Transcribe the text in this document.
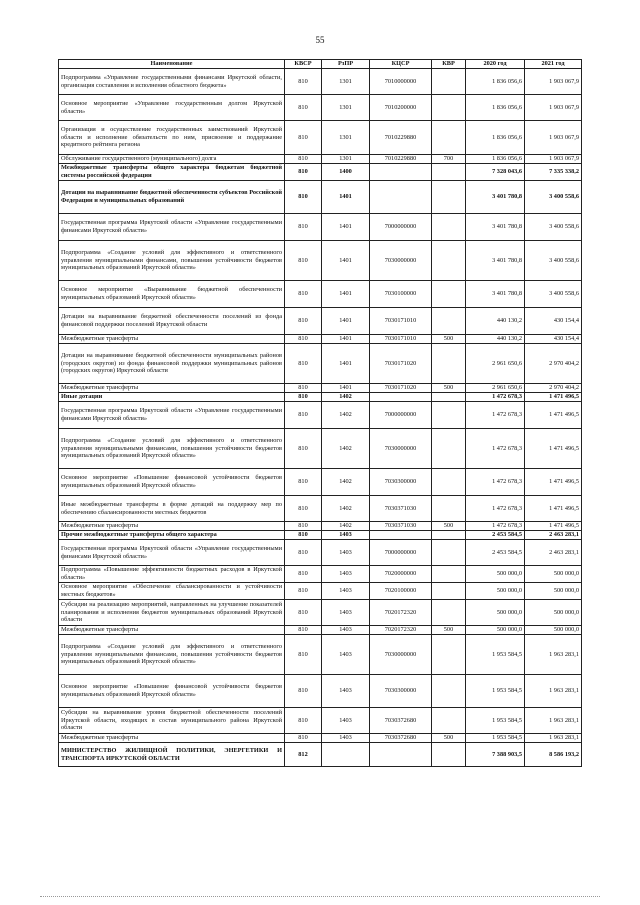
55
Наименование	КВСР	РзПР	КЦСР	КВР	2020 год	2021 год
Подпрограмма «Управление государственными финансами Иркутской области, организация составления и исполнения областного бюджета»	810	1301	7010000000		1 836 056,6	1 903 067,9
Основное мероприятие «Управление государственным долгом Иркутской области»	810	1301	7010200000		1 836 056,6	1 903 067,9
Организация и осуществление государственных заимствований Иркутской области и исполнение обязательств по ним, присвоение и поддержание кредитного рейтинга региона	810	1301	7010229880		1 836 056,6	1 903 067,9
Обслуживание государственного (муниципального) долга	810	1301	7010229880	700	1 836 056,6	1 903 067,9
Межбюджетные трансферты общего характера бюджетам бюджетной системы российской федерации	810	1400			7 328 043,6	7 335 338,2
Дотации на выравнивание бюджетной обеспеченности субъектов Российской Федерации и муниципальных образований	810	1401			3 401 780,8	3 400 558,6
Государственная программа Иркутской области «Управление государственными финансами Иркутской области»	810	1401	7000000000		3 401 780,8	3 400 558,6
Подпрограмма «Создание условий для эффективного и ответственного управления муниципальными финансами, повышения устойчивости бюджетов муниципальных образований Иркутской области»	810	1401	7030000000		3 401 780,8	3 400 558,6
Основное мероприятие «Выравнивание бюджетной обеспеченности муниципальных образований Иркутской области»	810	1401	7030100000		3 401 780,8	3 400 558,6
Дотации на выравнивание бюджетной обеспеченности поселений из фонда финансовой поддержки поселений Иркутской области	810	1401	7030171010		440 130,2	430 154,4
Межбюджетные трансферты	810	1401	7030171010	500	440 130,2	430 154,4
Дотации на выравнивание бюджетной обеспеченности муниципальных районов (городских округов) из фонда финансовой поддержки муниципальных районов (городских округов) Иркутской области	810	1401	7030171020		2 961 650,6	2 970 404,2
Межбюджетные трансферты	810	1401	7030171020	500	2 961 650,6	2 970 404,2
Иные дотации	810	1402			1 472 678,3	1 471 496,5
Государственная программа Иркутской области «Управление государственными финансами Иркутской области»	810	1402	7000000000		1 472 678,3	1 471 496,5
Подпрограмма «Создание условий для эффективного и ответственного управления муниципальными финансами, повышения устойчивости бюджетов муниципальных образований Иркутской области»	810	1402	7030000000		1 472 678,3	1 471 496,5
Основное мероприятие «Повышение финансовой устойчивости бюджетов муниципальных образований Иркутской области»	810	1402	7030300000		1 472 678,3	1 471 496,5
Иные межбюджетные трансферты в форме дотаций на поддержку мер по обеспечению сбалансированности местных бюджетов	810	1402	7030371030		1 472 678,3	1 471 496,5
Межбюджетные трансферты	810	1402	7030371030	500	1 472 678,3	1 471 496,5
Прочие межбюджетные трансферты общего характера	810	1403			2 453 584,5	2 463 283,1
Государственная программа Иркутской области «Управление государственными финансами Иркутской области»	810	1403	7000000000		2 453 584,5	2 463 283,1
Подпрограмма «Повышение эффективности бюджетных расходов в Иркутской области»	810	1403	7020000000		500 000,0	500 000,0
Основное мероприятие «Обеспечение сбалансированности и устойчивости местных бюджетов»	810	1403	7020100000		500 000,0	500 000,0
Субсидии на реализацию мероприятий, направленных на улучшение показателей планирования и исполнения бюджетов муниципальных образований Иркутской области	810	1403	7020172320		500 000,0	500 000,0
Межбюджетные трансферты	810	1403	7020172320	500	500 000,0	500 000,0
Подпрограмма «Создание условий для эффективного и ответственного управления муниципальными финансами, повышения устойчивости бюджетов муниципальных образований Иркутской области»	810	1403	7030000000		1 953 584,5	1 963 283,1
Основное мероприятие «Повышение финансовой устойчивости бюджетов муниципальных образований Иркутской области»	810	1403	7030300000		1 953 584,5	1 963 283,1
Субсидии на выравнивание уровня бюджетной обеспеченности поселений Иркутской области, входящих в состав муниципального района Иркутской области	810	1403	7030372680		1 953 584,5	1 963 283,1
Межбюджетные трансферты	810	1403	7030372680	500	1 953 584,5	1 963 283,1
МИНИСТЕРСТВО ЖИЛИЩНОЙ ПОЛИТИКИ, ЭНЕРГЕТИКИ И ТРАНСПОРТА ИРКУТСКОЙ ОБЛАСТИ	812				7 388 903,5	8 586 193,2
